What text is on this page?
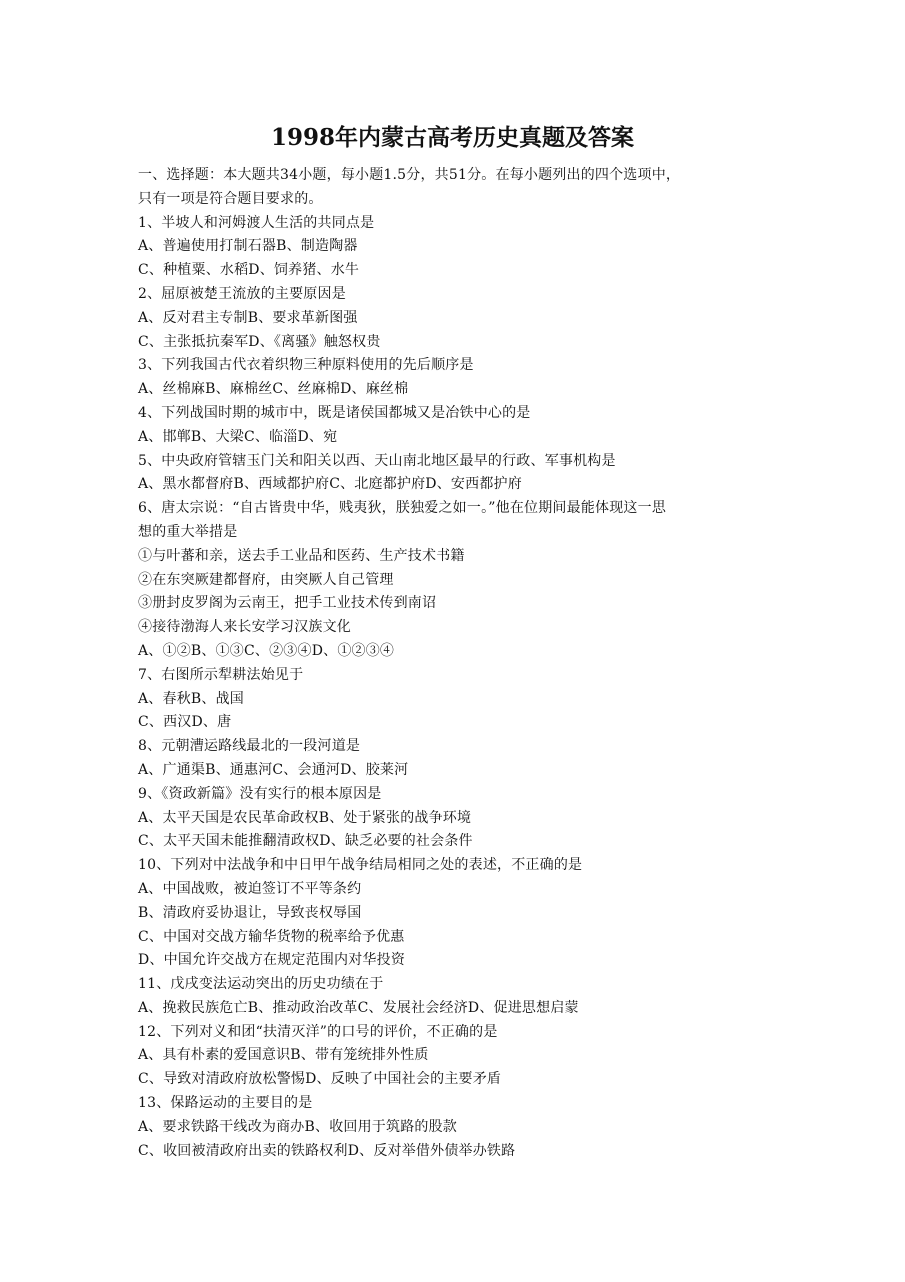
1998年内蒙古高考历史真题及答案
一、选择题：本大题共34小题，每小题1.5分，共51分。在每小题列出的四个选项中，
只有一项是符合题目要求的。
1、半坡人和河姆渡人生活的共同点是
A、普遍使用打制石器B、制造陶器
C、种植粟、水稻D、饲养猪、水牛
2、屈原被楚王流放的主要原因是
A、反对君主专制B、要求革新图强
C、主张抵抗秦军D、《离骚》触怒权贵
3、下列我国古代衣着织物三种原料使用的先后顺序是
A、丝棉麻B、麻棉丝C、丝麻棉D、麻丝棉
4、下列战国时期的城市中，既是诸侯国都城又是冶铁中心的是
A、邯郸B、大梁C、临淄D、宛
5、中央政府管辖玉门关和阳关以西、天山南北地区最早的行政、军事机构是
A、黑水都督府B、西域都护府C、北庭都护府D、安西都护府
6、唐太宗说：“自古皆贵中华，贱夷狄，朕独爱之如一。”他在位期间最能体现这一思
想的重大举措是
①与叶蕃和亲，送去手工业品和医药、生产技术书籍
②在东突厥建都督府，由突厥人自己管理
③册封皮罗阁为云南王，把手工业技术传到南诏
④接待渤海人来长安学习汉族文化
A、①②B、①③C、②③④D、①②③④
7、右图所示犁耕法始见于
A、春秋B、战国
C、西汉D、唐
8、元朝漕运路线最北的一段河道是
A、广通渠B、通惠河C、会通河D、胶莱河
9、《资政新篇》没有实行的根本原因是
A、太平天国是农民革命政权B、处于紧张的战争环境
C、太平天国未能推翻清政权D、缺乏必要的社会条件
10、下列对中法战争和中日甲午战争结局相同之处的表述，不正确的是
A、中国战败，被迫签订不平等条约
B、清政府妥协退让，导致丧权辱国
C、中国对交战方输华货物的税率给予优惠
D、中国允许交战方在规定范围内对华投资
11、戊戌变法运动突出的历史功绩在于
A、挽救民族危亡B、推动政治改革C、发展社会经济D、促进思想启蒙
12、下列对义和团“扶清灭洋”的口号的评价，不正确的是
A、具有朴素的爱国意识B、带有笼统排外性质
C、导致对清政府放松警惕D、反映了中国社会的主要矛盾
13、保路运动的主要目的是
A、要求铁路干线改为商办B、收回用于筑路的股款
C、收回被清政府出卖的铁路权利D、反对举借外债举办铁路
